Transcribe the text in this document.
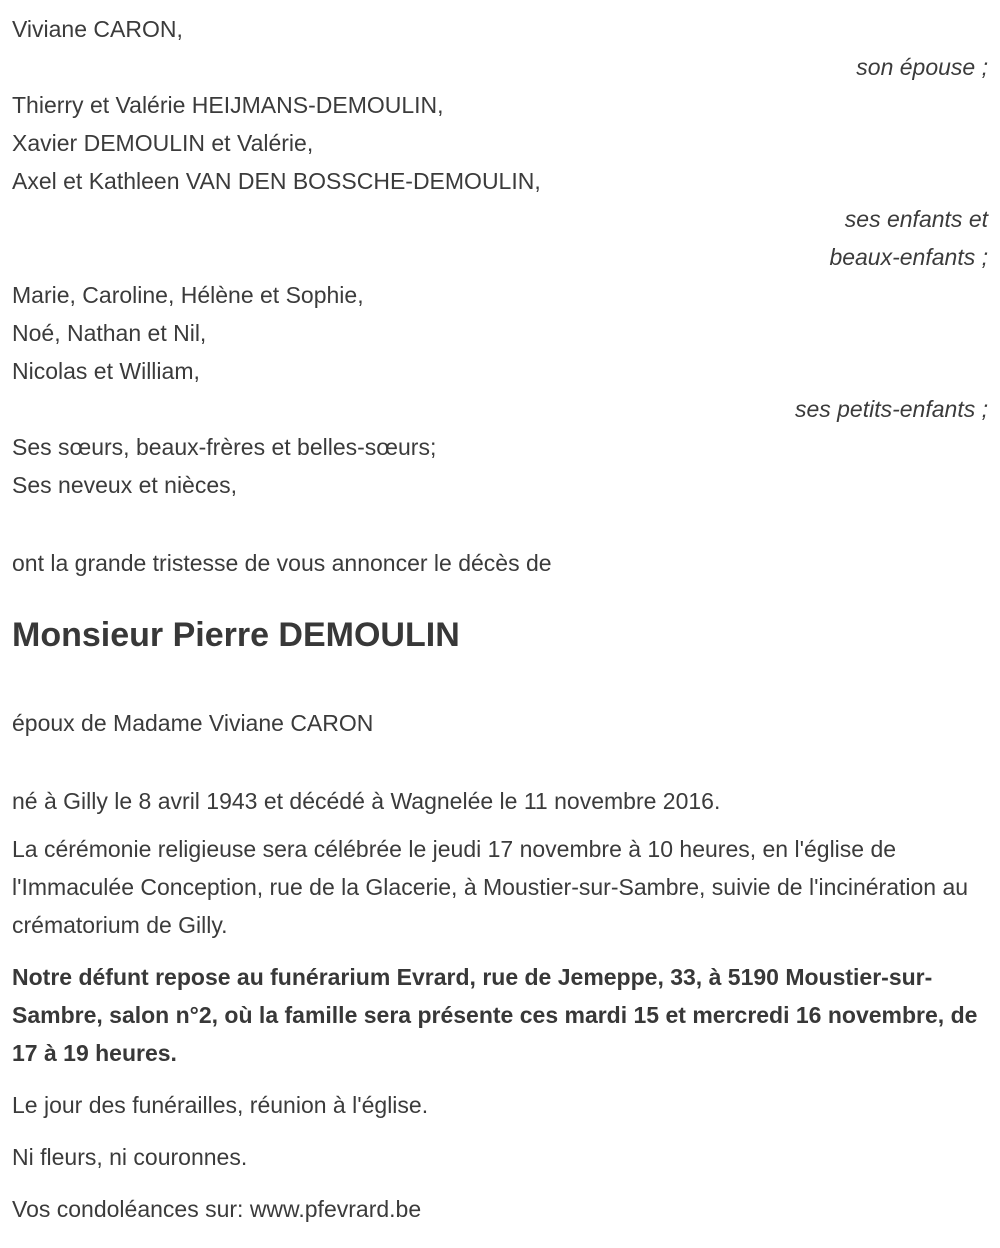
Viviane CARON,

son épouse ;

Thierry et Valérie HEIJMANS-DEMOULIN,

Xavier DEMOULIN et Valérie,

Axel et Kathleen VAN DEN BOSSCHE-DEMOULIN,

ses enfants et

beaux-enfants ;

Marie, Caroline, Hélène et Sophie,

Noé, Nathan et Nil,

Nicolas et William,

ses petits-enfants ;

Ses sœurs, beaux-frères et belles-sœurs;

Ses neveux et nièces,

ont la grande tristesse de vous annoncer le décès de

Monsieur Pierre DEMOULIN

époux de Madame Viviane CARON

né à Gilly le 8 avril 1943 et décédé à Wagnelée le 11 novembre 2016.

La cérémonie religieuse sera célébrée le jeudi 17 novembre à 10 heures, en l'église de l'Immaculée Conception, rue de la Glacerie, à Moustier-sur-Sambre, suivie de l'incinération au crématorium de Gilly.

Notre défunt repose au funérarium Evrard, rue de Jemeppe, 33, à 5190 Moustier-sur-Sambre, salon n°2, où la famille sera présente ces mardi 15 et mercredi 16 novembre, de 17 à 19 heures.

Le jour des funérailles, réunion à l'église.

Ni fleurs, ni couronnes.

Vos condoléances sur: www.pfevrard.be
